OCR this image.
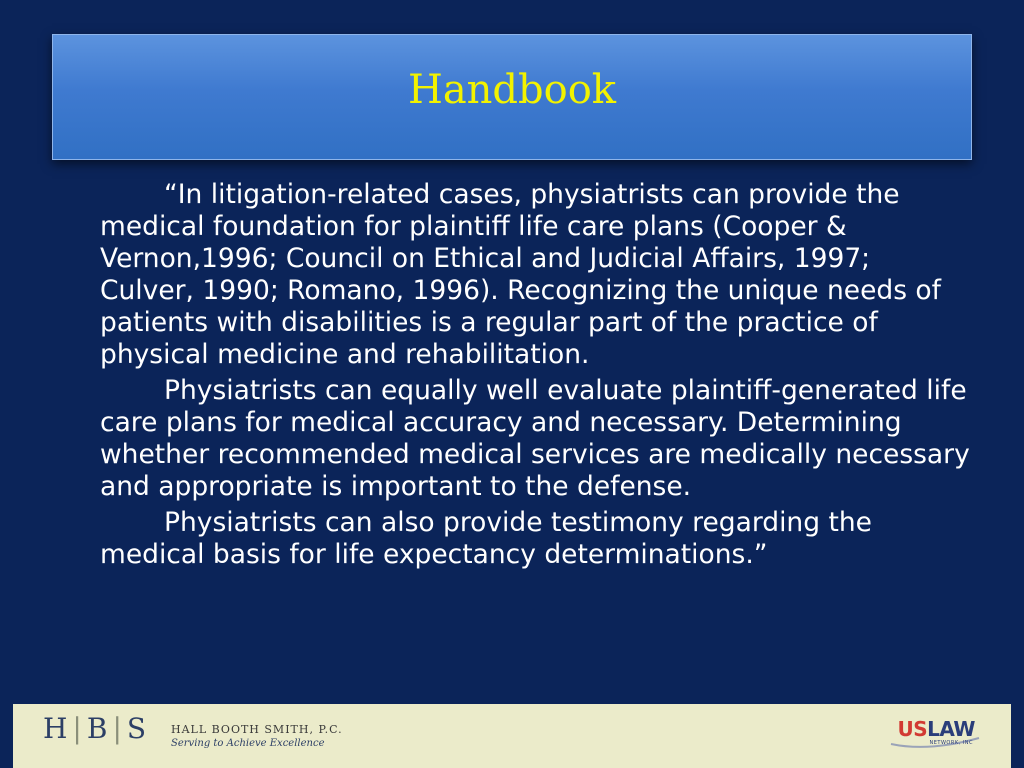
Handbook

“In litigation-related cases, physiatrists can provide the medical foundation for plaintiff life care plans (Cooper & Vernon,1996; Council on Ethical and Judicial Affairs, 1997; Culver, 1990; Romano, 1996). Recognizing the unique needs of patients with disabilities is a regular part of the practice of physical medicine and rehabilitation.

Physiatrists can equally well evaluate plaintiff-generated life care plans for medical accuracy and necessary. Determining whether recommended medical services are medically necessary and appropriate is important to the defense.

Physiatrists can also provide testimony regarding the medical basis for life expectancy determinations.”

H | B | S HALL BOOTH SMITH, P.C.
Serving to Achieve Excellence
USLAW
NETWORK, INC
